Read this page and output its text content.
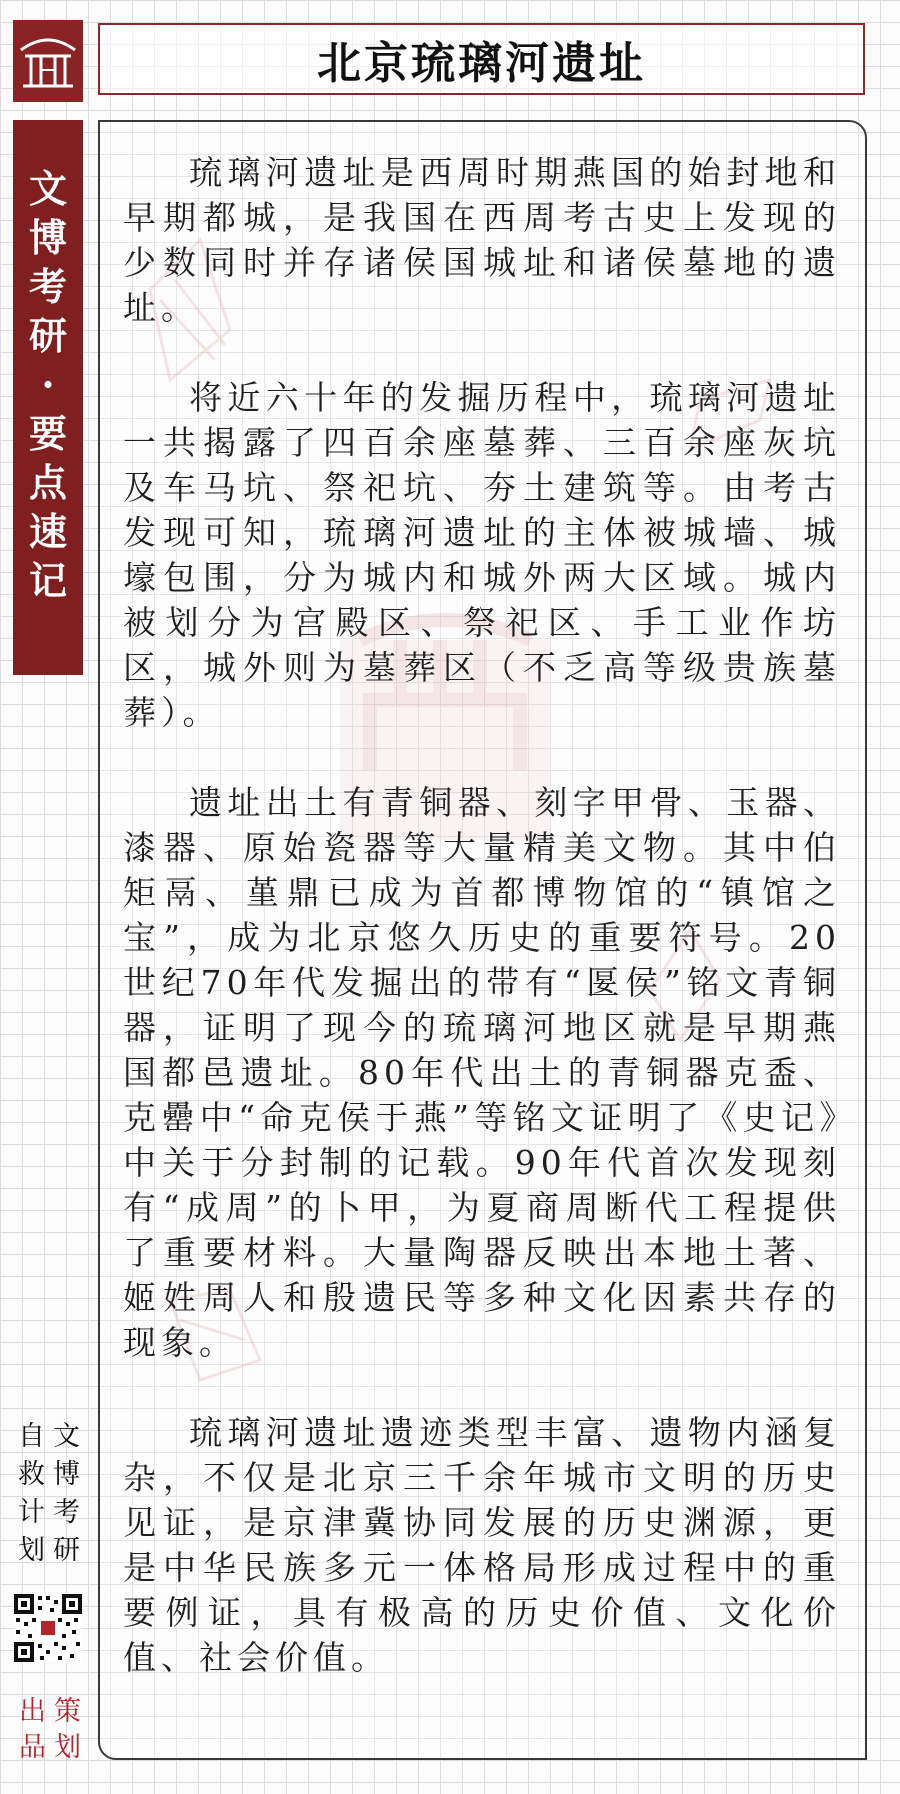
文
博
考
研
·
要
点
速
记
自 文
救 博
计 考
划 研
出 策
品 划
北京琉璃河遗址

琉璃河遗址是西周时期燕国的始封地和早期都城，是我国在西周考古史上发现的少数同时并存诸侯国城址和诸侯墓地的遗址。

将近六十年的发掘历程中，琉璃河遗址一共揭露了四百余座墓葬、三百余座灰坑及车马坑、祭祀坑、夯土建筑等。由考古发现可知，琉璃河遗址的主体被城墙、城壕包围，分为城内和城外两大区域。城内被划分为宫殿区、祭祀区、手工业作坊区，城外则为墓葬区（不乏高等级贵族墓葬）。

遗址出土有青铜器、刻字甲骨、玉器、漆器、原始瓷器等大量精美文物。其中伯矩鬲、堇鼎已成为首都博物馆的“镇馆之宝”，成为北京悠久历史的重要符号。20世纪70年代发掘出的带有“匽侯”铭文青铜器，证明了现今的琉璃河地区就是早期燕国都邑遗址。80年代出土的青铜器克盉、克罍中“命克侯于燕”等铭文证明了《史记》中关于分封制的记载。90年代首次发现刻有“成周”的卜甲，为夏商周断代工程提供了重要材料。大量陶器反映出本地土著、姬姓周人和殷遗民等多种文化因素共存的现象。

琉璃河遗址遗迹类型丰富、遗物内涵复杂，不仅是北京三千余年城市文明的历史见证，是京津冀协同发展的历史渊源，更是中华民族多元一体格局形成过程中的重要例证，具有极高的历史价值、文化价值、社会价值。
